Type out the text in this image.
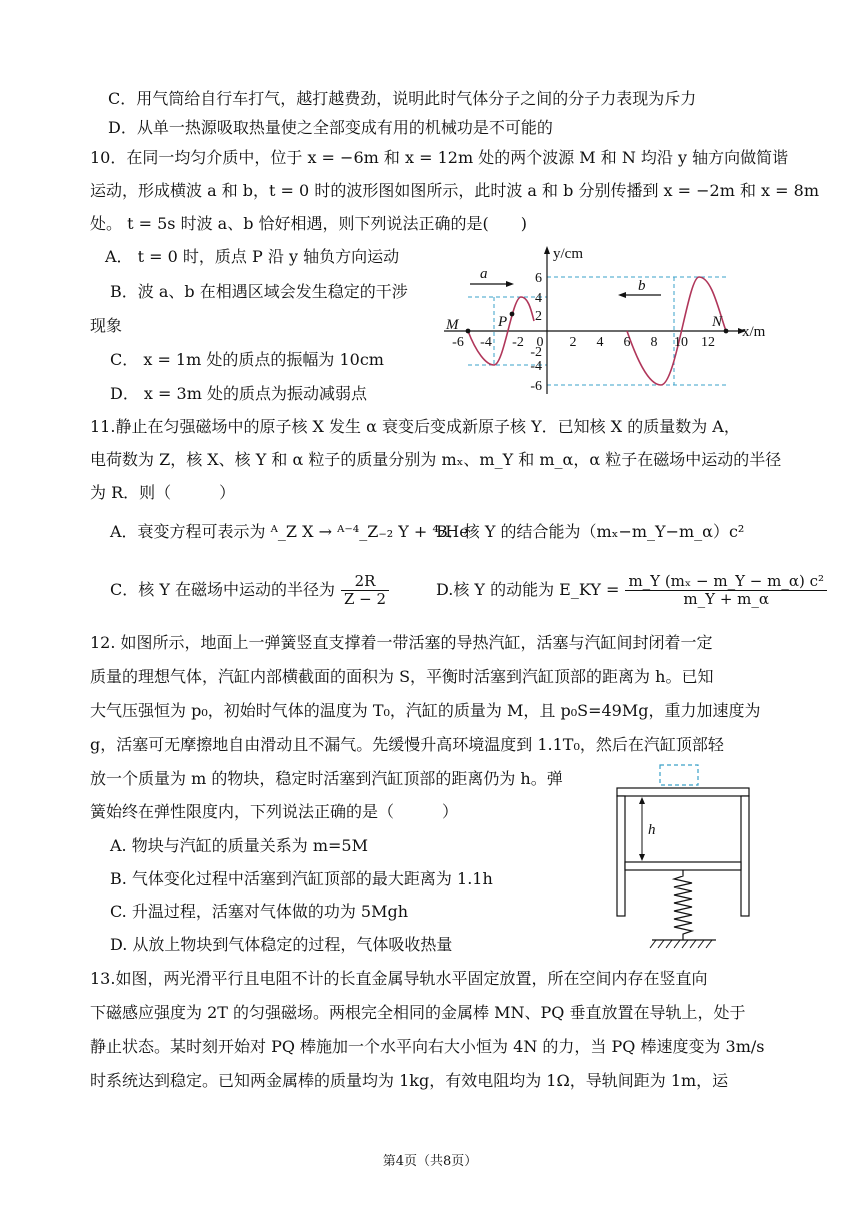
C．用气筒给自行车打气，越打越费劲，说明此时气体分子之间的分子力表现为斥力
D．从单一热源吸取热量使之全部变成有用的机械功是不可能的
10．在同一均匀介质中，位于 x = −6m 和 x = 12m 处的两个波源 M 和 N 均沿 y 轴方向做简谐
运动，形成横波 a 和 b，t = 0 时的波形图如图所示，此时波 a 和 b 分别传播到 x = −2m 和 x = 8m
处。 t = 5s 时波 a、b 恰好相遇，则下列说法正确的是(　　)
A． t = 0 时，质点 P 沿 y 轴负方向运动
B．波 a、b 在相遇区域会发生稳定的干涉
现象
C． x = 1m 处的质点的振幅为 10cm
D． x = 3m 处的质点为振动减弱点
y/cm
x/m
a
b
M	N
P
0
-6 -4 -2	2 4 6 8 10 12
6
4
2
-2
-4
-6
11.静止在匀强磁场中的原子核 X 发生 α 衰变后变成新原子核 Y．已知核 X 的质量数为 A，
电荷数为 Z，核 X、核 Y 和 α 粒子的质量分别为 mₓ、m_Y 和 m_α，α 粒子在磁场中运动的半径
为 R．则（　　　）
A．衰变方程可表示为 ᴬ_Z X → ᴬ⁻⁴_Z₋₂ Y + ⁴₂He
B．核 Y 的结合能为（mₓ−m_Y−m_α）c²
C．核 Y 在磁场中运动的半径为 $\frac{2R}{Z - 2}$	D.核 Y 的动能为 E_KY = $\frac{\text{m\_Y (mₓ − m\_Y − m\_α) c²}}{m\_Y + m\_\alpha}$
12. 如图所示，地面上一弹簧竖直支撑着一带活塞的导热汽缸，活塞与汽缸间封闭着一定
质量的理想气体，汽缸内部横截面的面积为 S，平衡时活塞到汽缸顶部的距离为 h。已知
大气压强恒为 p₀，初始时气体的温度为 T₀，汽缸的质量为 M，且 p₀S=49Mg，重力加速度为
g，活塞可无摩擦地自由滑动且不漏气。先缓慢升高环境温度到 1.1T₀，然后在汽缸顶部轻
放一个质量为 m 的物块，稳定时活塞到汽缸顶部的距离仍为 h。弹
簧始终在弹性限度内，下列说法正确的是（　　　）
A. 物块与汽缸的质量关系为 m=5M
B. 气体变化过程中活塞到汽缸顶部的最大距离为 1.1h
C. 升温过程，活塞对气体做的功为 5Mgh
D. 从放上物块到气体稳定的过程，气体吸收热量
h
13.如图，两光滑平行且电阻不计的长直金属导轨水平固定放置，所在空间内存在竖直向
下磁感应强度为 2T 的匀强磁场。两根完全相同的金属棒 MN、PQ 垂直放置在导轨上，处于
静止状态。某时刻开始对 PQ 棒施加一个水平向右大小恒为 4N 的力，当 PQ 棒速度变为 3m/s
时系统达到稳定。已知两金属棒的质量均为 1kg，有效电阻均为 1Ω，导轨间距为 1m，运
第4页（共8页）
